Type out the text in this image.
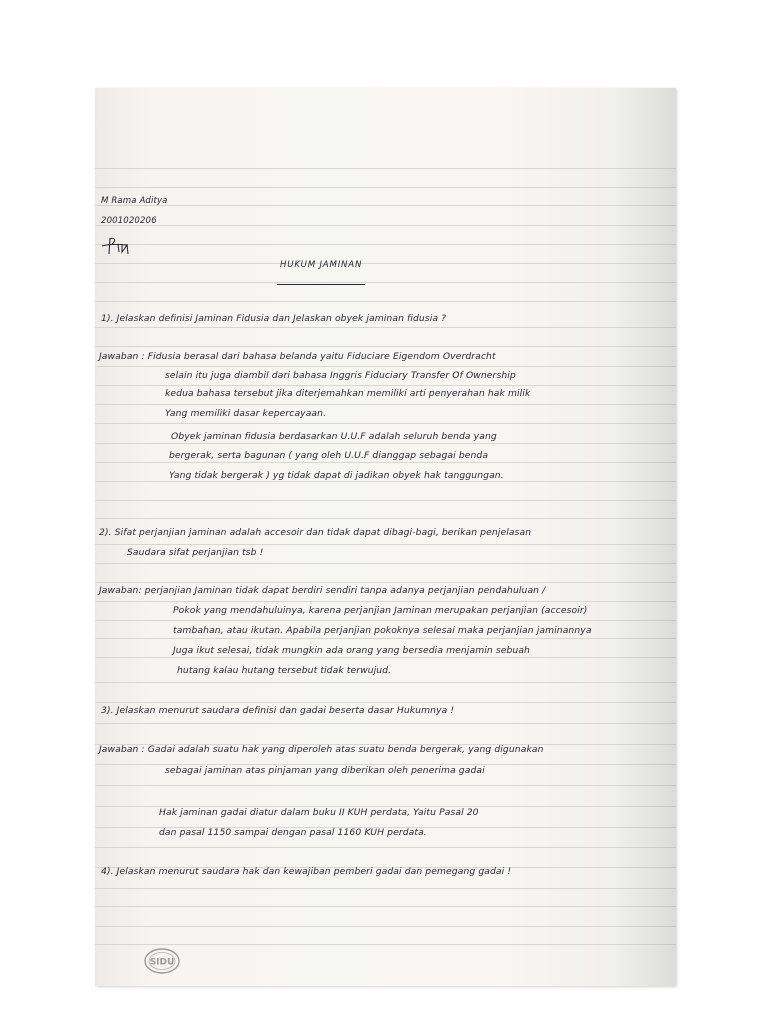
M Rama Aditya
2001020206
HUKUM JAMINAN
1). Jelaskan definisi Jaminan Fidusia dan Jelaskan obyek jaminan fidusia ?
Jawaban : Fidusia berasal dari bahasa belanda yaitu Fiduciare Eigendom Overdracht
selain itu juga diambil dari bahasa Inggris Fiduciary Transfer Of Ownership
kedua bahasa tersebut jika diterjemahkan memiliki arti penyerahan hak milik
Yang memiliki dasar kepercayaan.
Obyek jaminan fidusia berdasarkan U.U.F adalah seluruh benda yang
bergerak, serta bagunan ( yang oleh U.U.F dianggap sebagai benda
Yang tidak bergerak ) yg tidak dapat di jadikan obyek hak tanggungan.
2). Sifat perjanjian jaminan adalah accesoir dan tidak dapat dibagi-bagi, berikan penjelasan
Saudara sifat perjanjian tsb !
Jawaban: perjanjian Jaminan tidak dapat berdiri sendiri tanpa adanya perjanjian pendahuluan /
Pokok yang mendahuluinya, karena perjanjian Jaminan merupakan perjanjian (accesoir)
tambahan, atau ikutan. Apabila perjanjian pokoknya selesai maka perjanjian jaminannya
Juga ikut selesai, tidak mungkin ada orang yang bersedia menjamin sebuah
hutang kalau hutang tersebut tidak terwujud.
3). Jelaskan menurut saudara definisi dan gadai beserta dasar Hukumnya !
Jawaban : Gadai adalah suatu hak yang diperoleh atas suatu benda bergerak, yang digunakan
sebagai jaminan atas pinjaman yang diberikan oleh penerima gadai
Hak jaminan gadai diatur dalam buku II KUH perdata, Yaitu Pasal 20
dan pasal 1150 sampai dengan pasal 1160 KUH perdata.
4). Jelaskan menurut saudara hak dan kewajiban pemberi gadai dan pemegang gadai !
SIDU
